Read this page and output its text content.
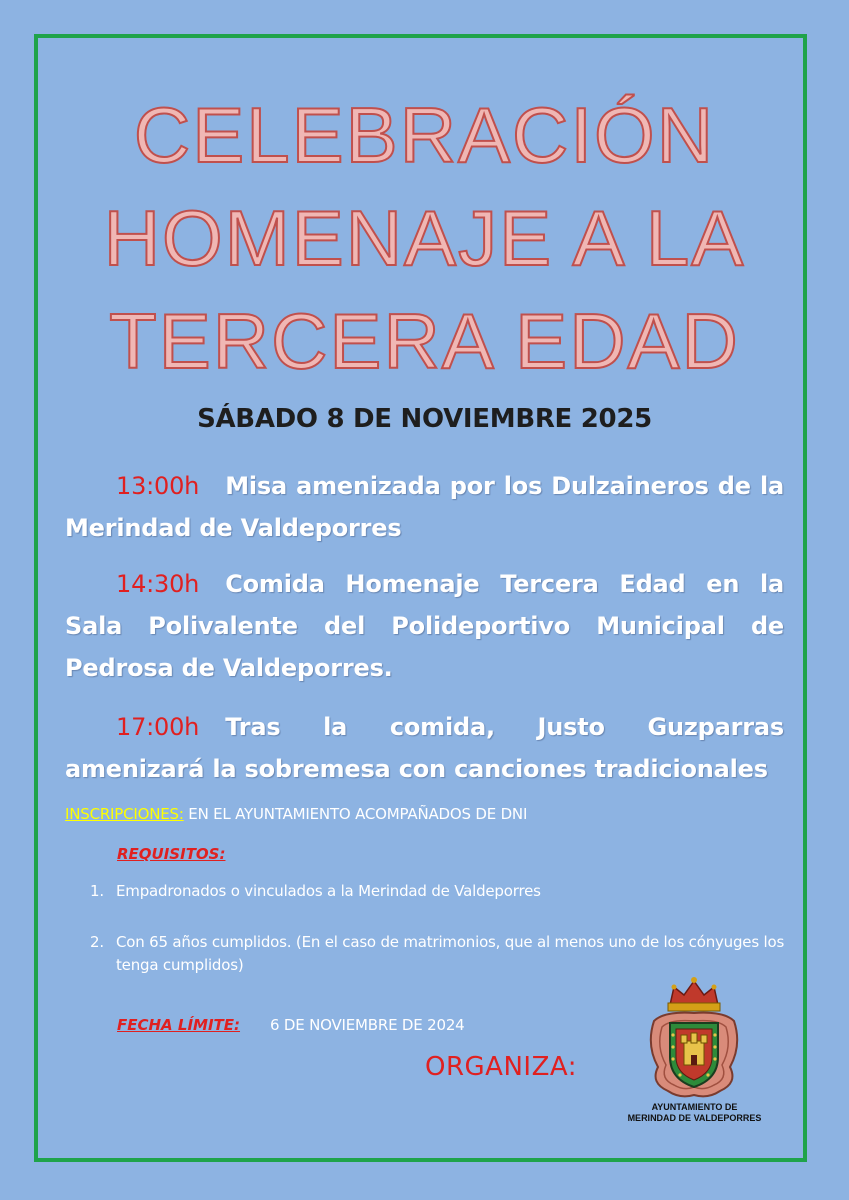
CELEBRACIÓN
HOMENAJE A LA
TERCERA EDAD
SÁBADO 8 DE NOVIEMBRE 2025
13:00h Misa amenizada por los Dulzaineros de la Merindad de Valdeporres
14:30h Comida Homenaje Tercera Edad en la Sala Polivalente del Polideportivo Municipal de Pedrosa de Valdeporres.
17:00h Tras la comida, Justo Guzparras amenizará la sobremesa con canciones tradicionales
INSCRIPCIONES: EN EL AYUNTAMIENTO ACOMPAÑADOS DE DNI
REQUISITOS:
1. Empadronados o vinculados a la Merindad de Valdeporres
2. Con 65 años cumplidos. (En el caso de matrimonios, que al menos uno de los cónyuges los tenga cumplidos)
FECHA LÍMITE: 6 DE NOVIEMBRE DE 2024
ORGANIZA:
AYUNTAMIENTO DE
MERINDAD DE VALDEPORRES
